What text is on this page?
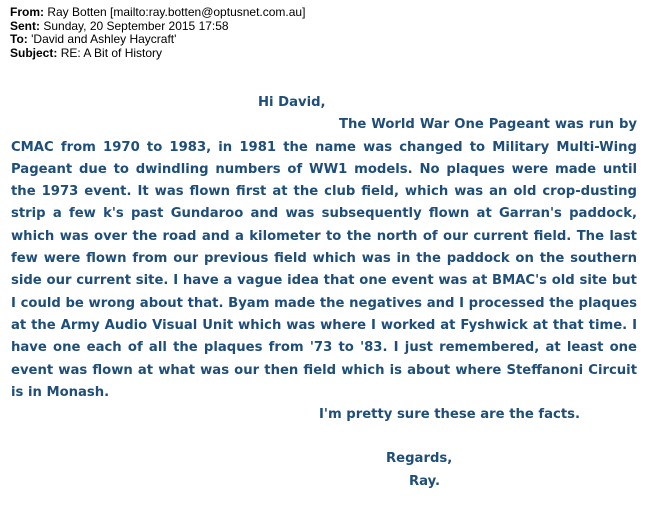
From: Ray Botten [mailto:ray.botten@optusnet.com.au]
Sent: Sunday, 20 September 2015 17:58
To: 'David and Ashley Haycraft'
Subject: RE: A Bit of History
Hi David,
The World War One Pageant was run by CMAC from 1970 to 1983, in 1981 the name was changed to Military Multi-Wing Pageant due to dwindling numbers of WW1 models. No plaques were made until the 1973 event. It was flown first at the club field, which was an old crop-dusting strip a few k's past Gundaroo and was subsequently flown at Garran's paddock, which was over the road and a kilometer to the north of our current field. The last few were flown from our previous field which was in the paddock on the southern side our current site. I have a vague idea that one event was at BMAC's old site but I could be wrong about that. Byam made the negatives and I processed the plaques at the Army Audio Visual Unit which was where I worked at Fyshwick at that time. I have one each of all the plaques from '73 to '83. I just remembered, at least one event was flown at what was our then field which is about where Steffanoni Circuit is in Monash.
I'm pretty sure these are the facts.
Regards,
Ray.
